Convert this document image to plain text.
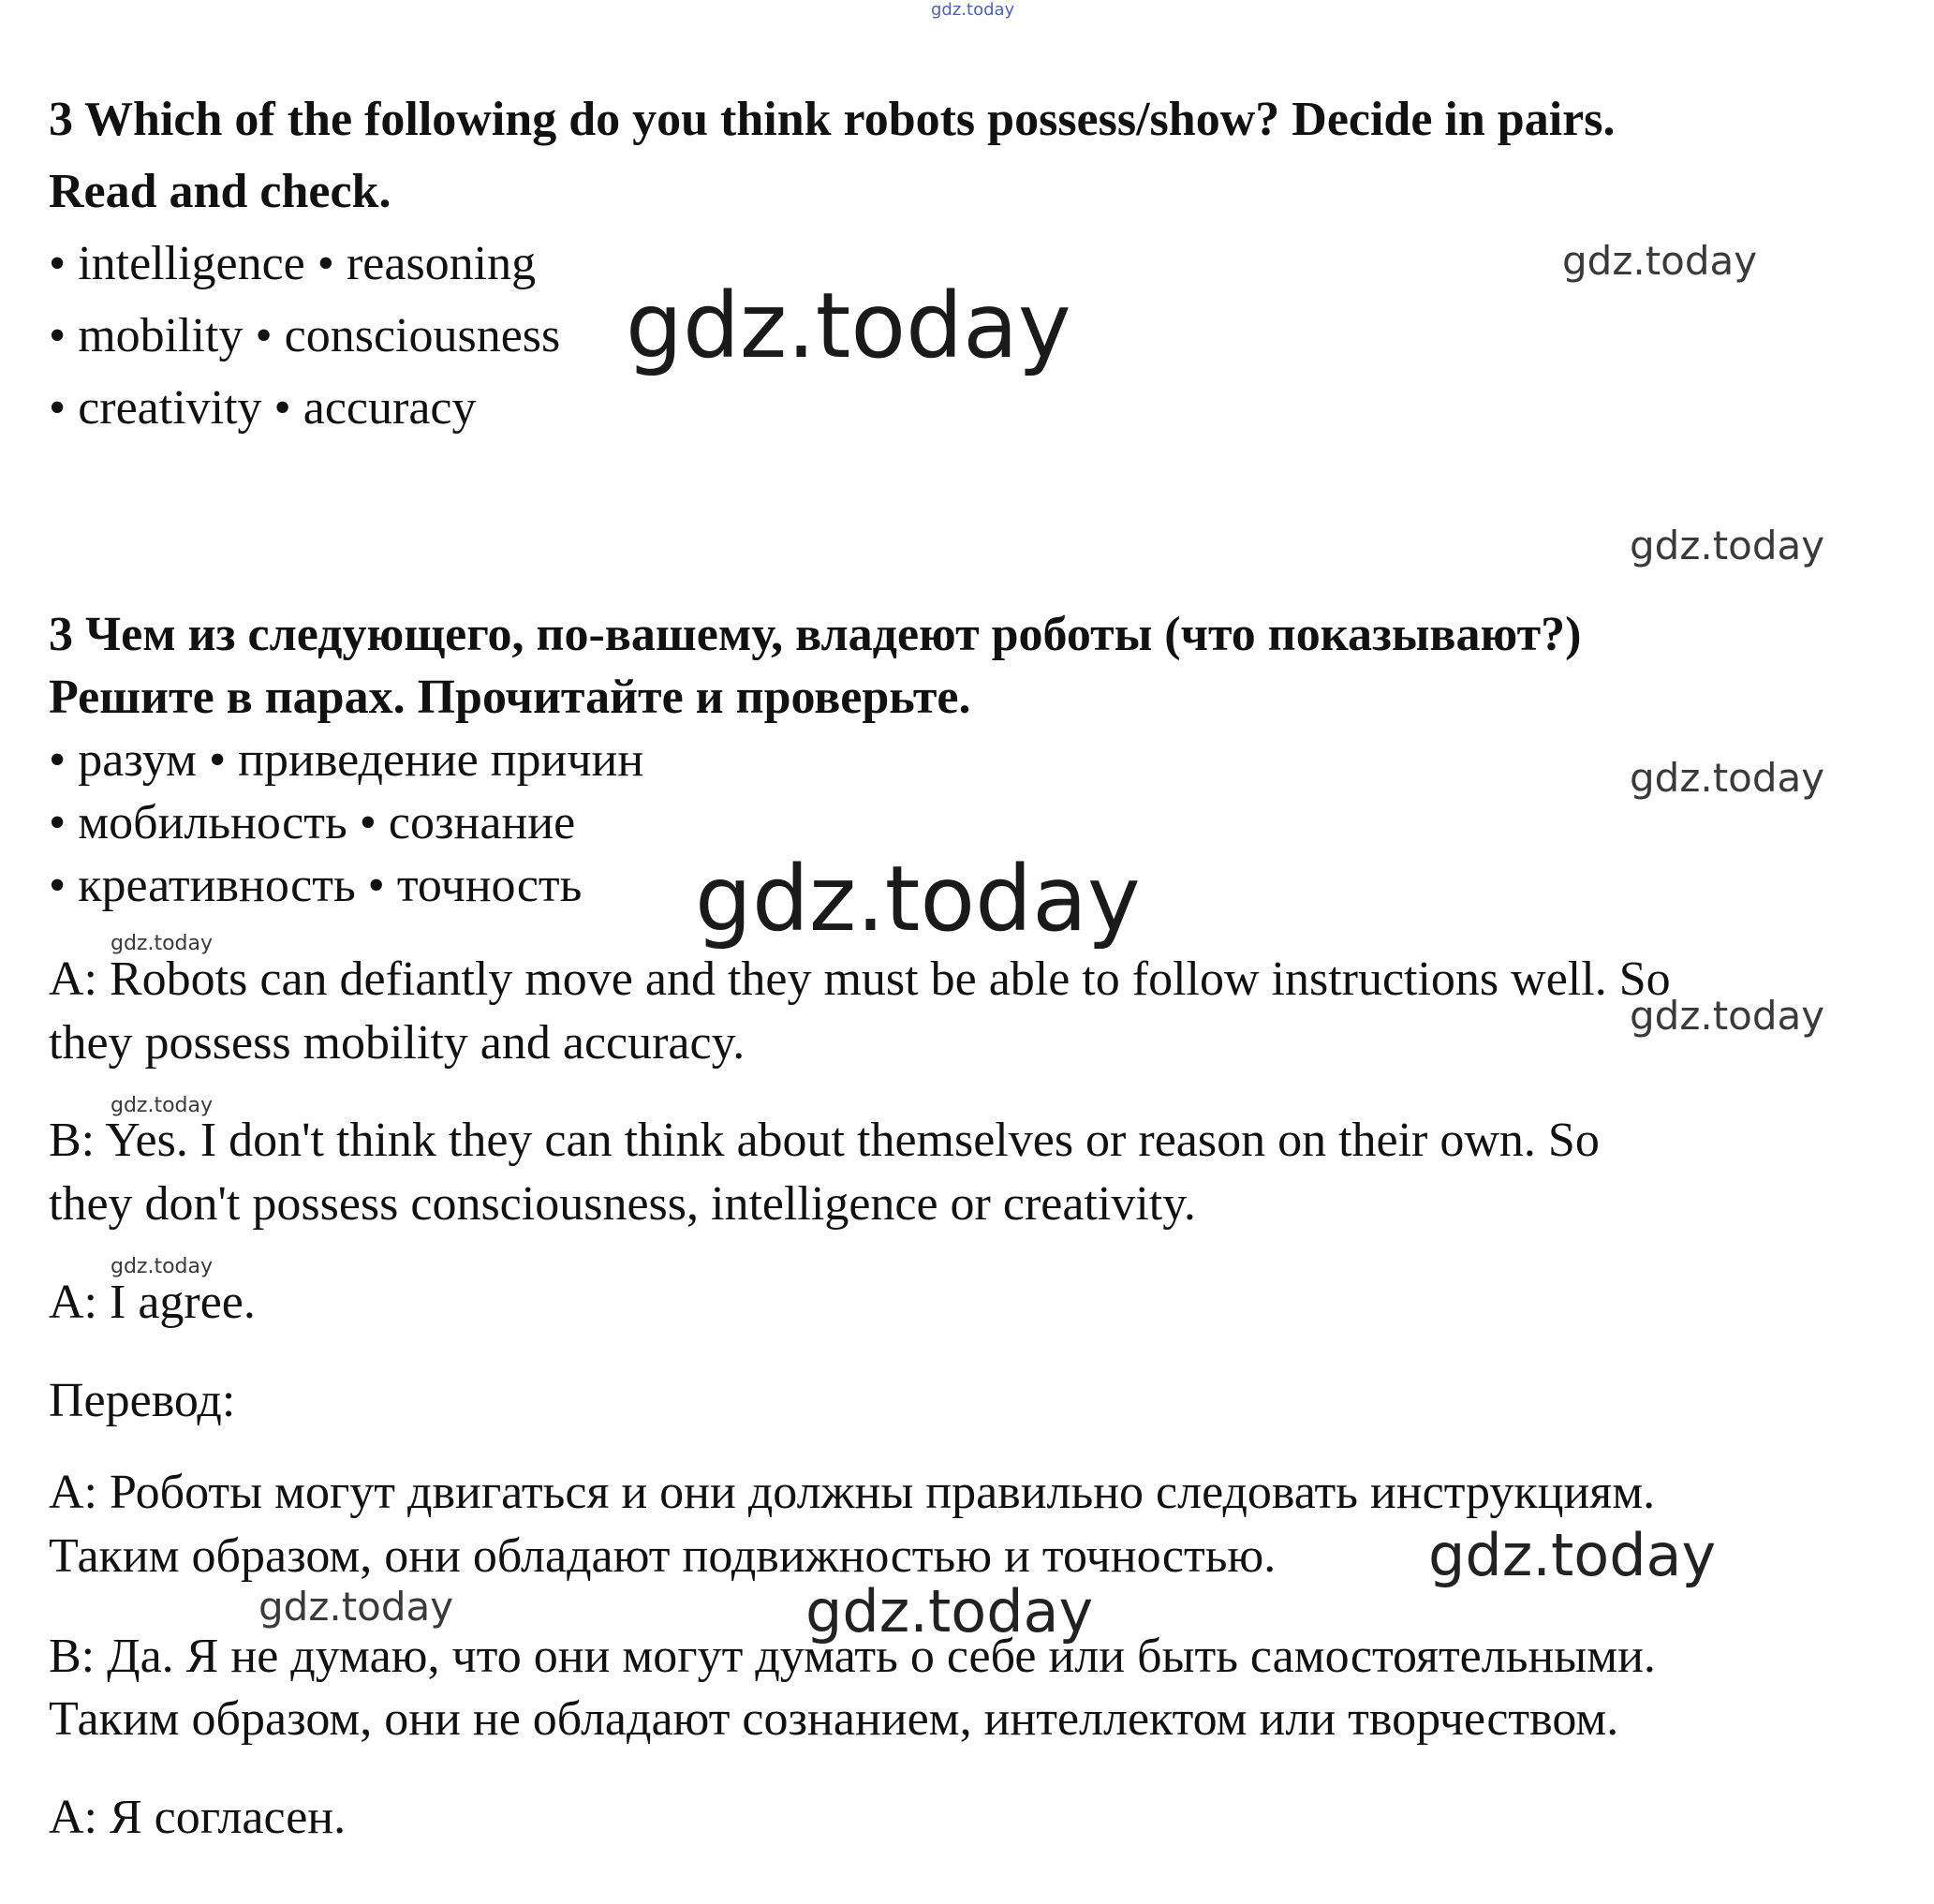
gdz.today
3 Which of the following do you think robots possess/show? Decide in pairs.
Read and check.
• intelligence • reasoning
• mobility • consciousness
• creativity • accuracy
3 Чем из следующего, по-вашему, владеют роботы (что показывают?)
Решите в парах. Прочитайте и проверьте.
• разум • приведение причин
• мобильность • сознание
• креативность • точность
A: Robots can defiantly move and they must be able to follow instructions well. So
they possess mobility and accuracy.
B: Yes. I don't think they can think about themselves or reason on their own. So
they don't possess consciousness, intelligence or creativity.
A: I agree.
Перевод:
A: Роботы могут двигаться и они должны правильно следовать инструкциям.
Таким образом, они обладают подвижностью и точностью.
B: Да. Я не думаю, что они могут думать о себе или быть самостоятельными.
Таким образом, они не обладают сознанием, интеллектом или творчеством.
A: Я согласен.
gdz.today
gdz.today
gdz.today
gdz.today
gdz.today
gdz.today
gdz.today
gdz.today
gdz.today
gdz.today
gdz.today	gdz.today
